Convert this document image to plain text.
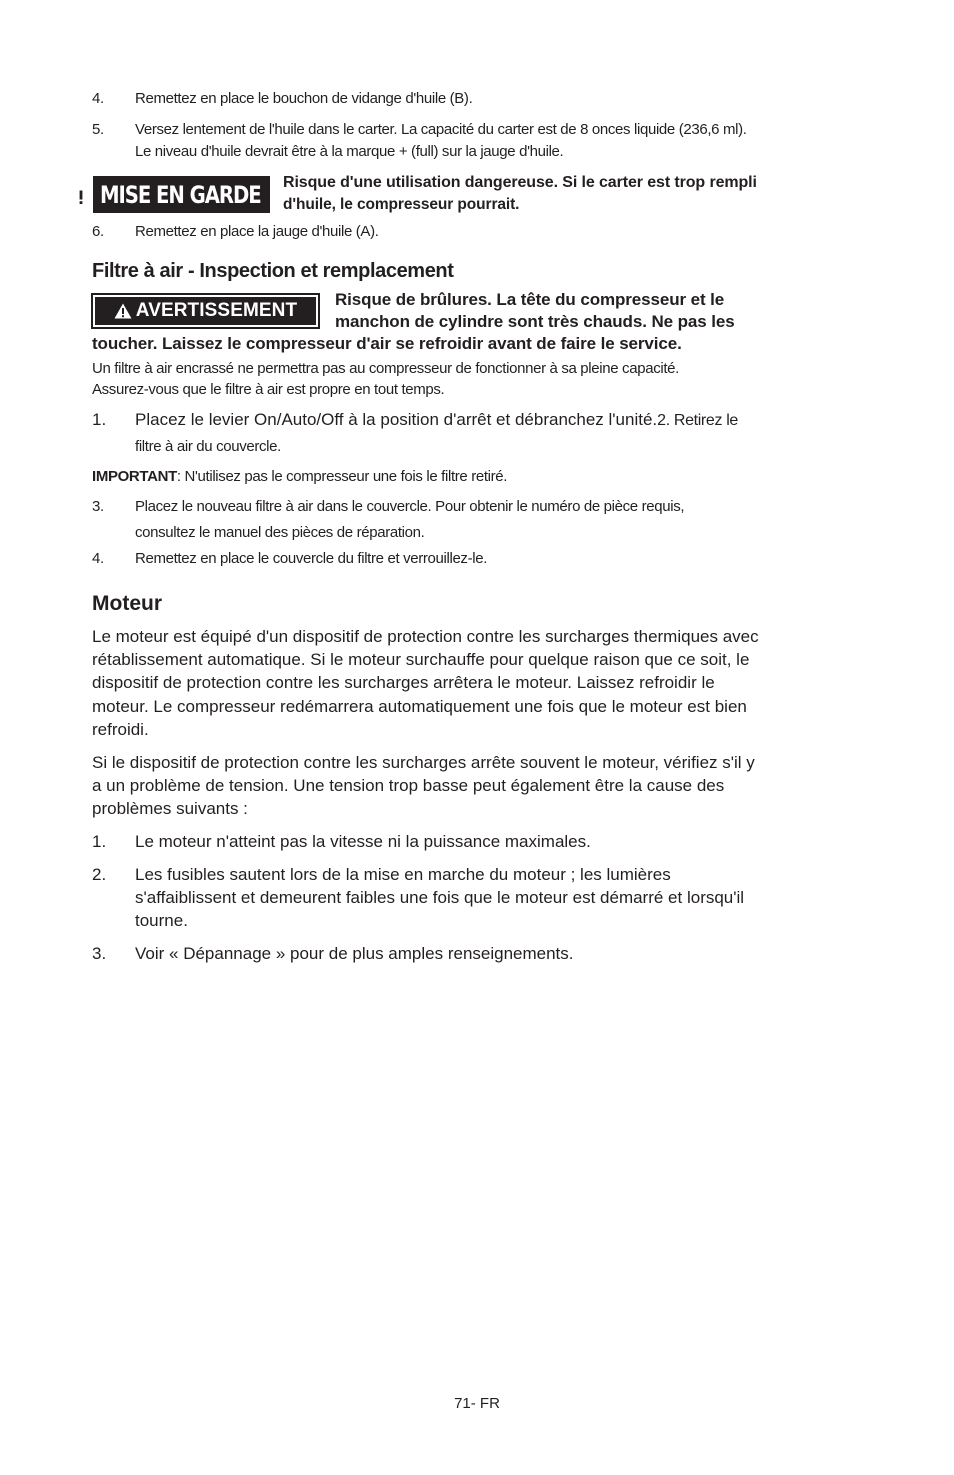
4. Remettez en place le bouchon de vidange d'huile (B).
5. Versez lentement de l'huile dans le carter. La capacité du carter est de 8 onces liquide (236,6 ml).
Le niveau d'huile devrait être à la marque + (full) sur la jauge d'huile.
MISE EN GARDE Risque d'une utilisation dangereuse. Si le carter est trop rempli
d'huile, le compresseur pourrait.
6. Remettez en place la jauge d'huile (A).
Filtre à air - Inspection et remplacement
AVERTISSEMENT
Risque de brûlures. La tête du compresseur et le
manchon de cylindre sont très chauds. Ne pas les
toucher. Laissez le compresseur d'air se refroidir avant de faire le service.
Un filtre à air encrassé ne permettra pas au compresseur de fonctionner à sa pleine capacité.
Assurez-vous que le filtre à air est propre en tout temps.
1. Placez le levier On/Auto/Off à la position d'arrêt et débranchez l'unité.2. Retirez le
filtre à air du couvercle.
IMPORTANT: N'utilisez pas le compresseur une fois le filtre retiré.
3. Placez le nouveau filtre à air dans le couvercle. Pour obtenir le numéro de pièce requis,
consultez le manuel des pièces de réparation.
4. Remettez en place le couvercle du filtre et verrouillez-le.
Moteur
Le moteur est équipé d'un dispositif de protection contre les surcharges thermiques avec
rétablissement automatique. Si le moteur surchauffe pour quelque raison que ce soit, le
dispositif de protection contre les surcharges arrêtera le moteur. Laissez refroidir le
moteur. Le compresseur redémarrera automatiquement une fois que le moteur est bien
refroidi.
Si le dispositif de protection contre les surcharges arrête souvent le moteur, vérifiez s'il y
a un problème de tension. Une tension trop basse peut également être la cause des
problèmes suivants :
1. Le moteur n'atteint pas la vitesse ni la puissance maximales.
2. Les fusibles sautent lors de la mise en marche du moteur ; les lumières
s'affaiblissent et demeurent faibles une fois que le moteur est démarré et lorsqu'il
tourne.
3. Voir « Dépannage » pour de plus amples renseignements.
71- FR
